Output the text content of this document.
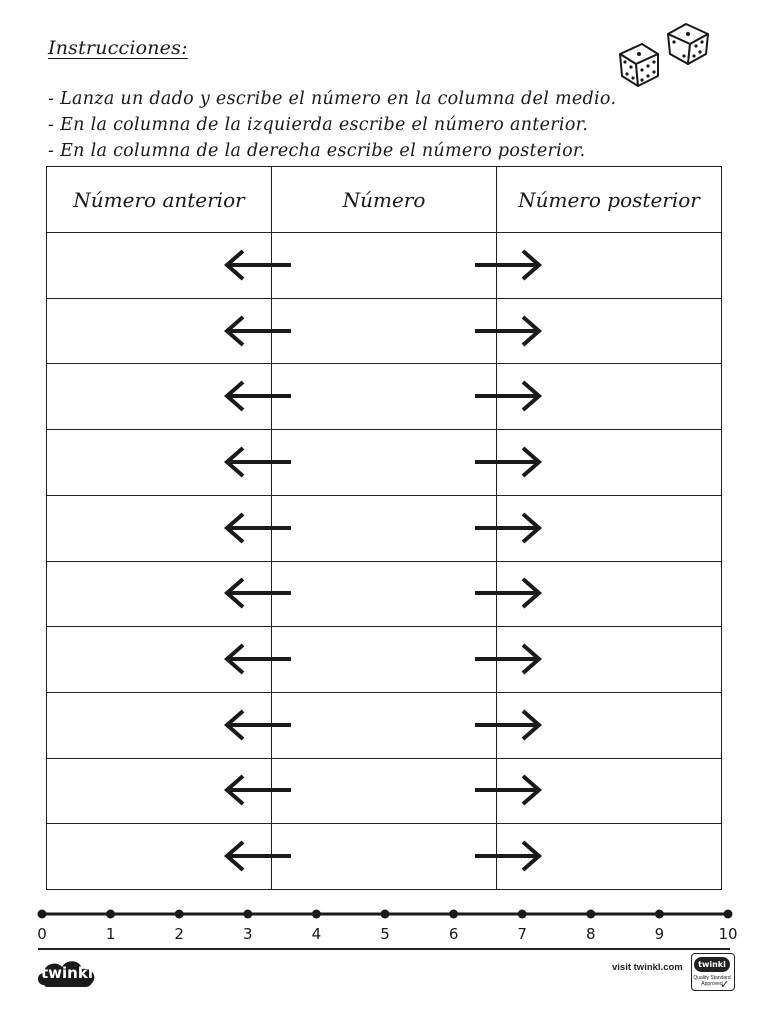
Instrucciones:
- Lanza un dado y escribe el número en la columna del medio.
- En la columna de la izquierda escribe el número anterior.
- En la columna de la derecha escribe el número posterior.
Número anterior	Número	Número posterior
0	1	2	3	4	5	6	7	8	9	10
twinkl	visit twinkl.com	twinkl
Quality Standard
Approved
✓
